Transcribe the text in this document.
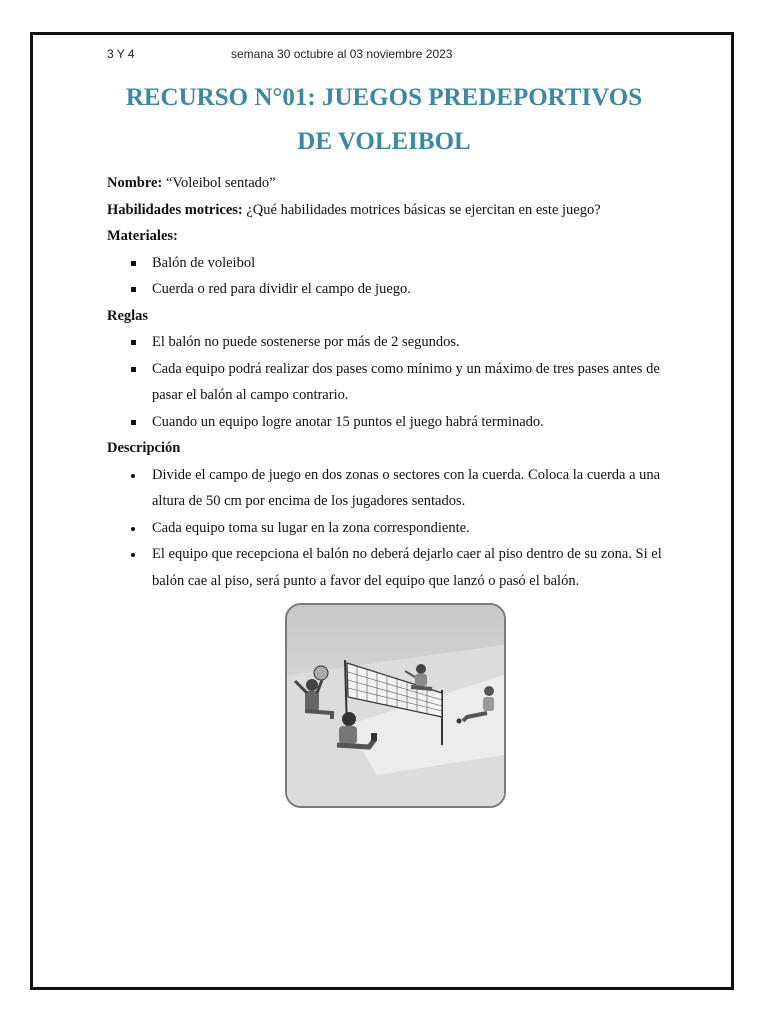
3 Y 4	semana 30 octubre al 03 noviembre 2023
RECURSO N°01: JUEGOS PREDEPORTIVOS
DE VOLEIBOL

Nombre: “Voleibol sentado”

Habilidades motrices: ¿Qué habilidades motrices básicas se ejercitan en este juego?

Materiales:

Balón de voleibol
Cuerda o red para dividir el campo de juego.

Reglas

El balón no puede sostenerse por más de 2 segundos.
Cada equipo podrá realizar dos pases como mínimo y un máximo de tres pases antes de pasar el balón al campo contrario.
Cuando un equipo logre anotar 15 puntos el juego habrá terminado.

Descripción

Divide el campo de juego en dos zonas o sectores con la cuerda. Coloca la cuerda a una altura de 50 cm por encima de los jugadores sentados.
Cada equipo toma su lugar en la zona correspondiente.
El equipo que recepciona el balón no deberá dejarlo caer al piso dentro de su zona. Si el balón cae al piso, será punto a favor del equipo que lanzó o pasó el balón.
